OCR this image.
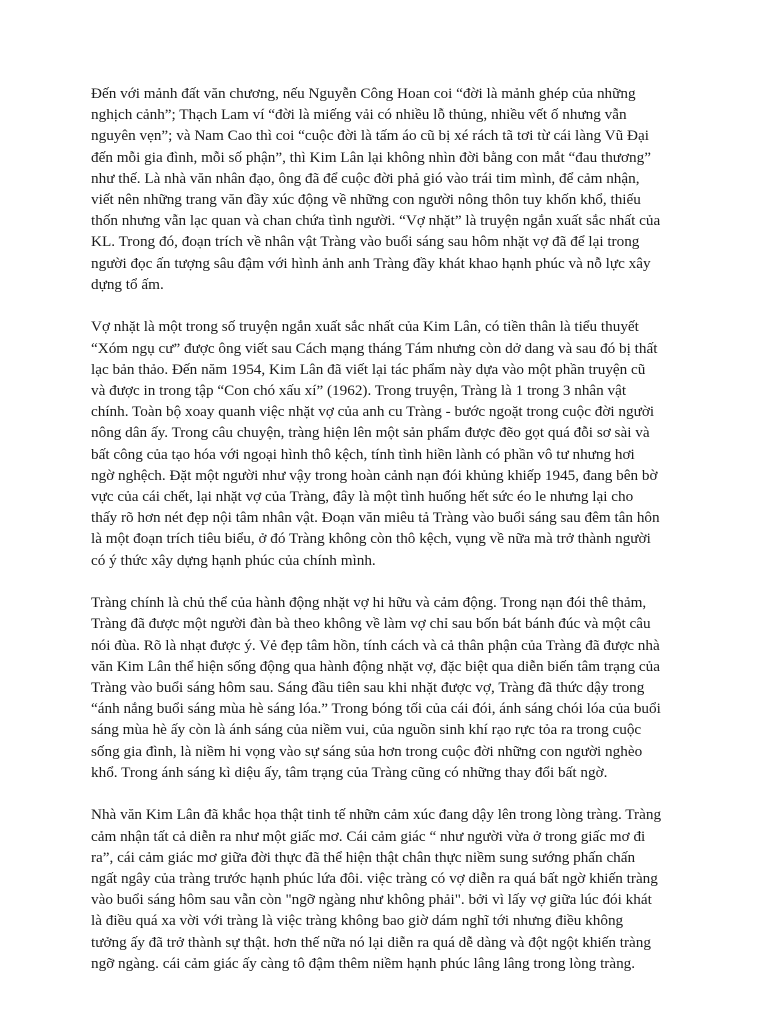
Đến với mảnh đất văn chương, nếu Nguyễn Công Hoan coi “đời là mảnh ghép của những
nghịch cảnh”; Thạch Lam ví “đời là miếng vải có nhiều lỗ thủng, nhiều vết ố nhưng vẫn
nguyên vẹn”; và Nam Cao thì coi “cuộc đời là tấm áo cũ bị xé rách tã tơi từ cái làng Vũ Đại
đến mỗi gia đình, mỗi số phận”, thì Kim Lân lại không nhìn đời bằng con mắt “đau thương”
như thế. Là nhà văn nhân đạo, ông đã để cuộc đời phả gió vào trái tim mình, để cảm nhận,
viết nên những trang văn đầy xúc động về những con người nông thôn tuy khốn khổ, thiếu
thốn nhưng vẫn lạc quan và chan chứa tình người. “Vợ nhặt” là truyện ngắn xuất sắc nhất của
KL. Trong đó, đoạn trích về nhân vật Tràng vào buổi sáng sau hôm nhặt vợ đã để lại trong
người đọc ấn tượng sâu đậm với hình ảnh anh Tràng đầy khát khao hạnh phúc và nỗ lực xây
dựng tổ ấm.
Vợ nhặt là một trong số truyện ngắn xuất sắc nhất của Kim Lân, có tiền thân là tiểu thuyết
“Xóm ngụ cư” được ông viết sau Cách mạng tháng Tám nhưng còn dở dang và sau đó bị thất
lạc bản thảo. Đến năm 1954, Kim Lân đã viết lại tác phẩm này dựa vào một phần truyện cũ
và được in trong tập “Con chó xấu xí” (1962). Trong truyện, Tràng là 1 trong 3 nhân vật
chính. Toàn bộ xoay quanh việc nhặt vợ của anh cu Tràng - bước ngoặt trong cuộc đời người
nông dân ấy. Trong câu chuyện, tràng hiện lên một sản phẩm được đẽo gọt quá đỗi sơ sài và
bất công của tạo hóa với ngoại hình thô kệch, tính tình hiền lành có phần vô tư nhưng hơi
ngờ nghệch. Đặt một người như vậy trong hoàn cảnh nạn đói khủng khiếp 1945, đang bên bờ
vực của cái chết, lại nhặt vợ của Tràng, đây là một tình huống hết sức éo le nhưng lại cho
thấy rõ hơn nét đẹp nội tâm nhân vật. Đoạn văn miêu tả Tràng vào buổi sáng sau đêm tân hôn
là một đoạn trích tiêu biểu, ở đó Tràng không còn thô kệch, vụng về nữa mà trở thành người
có ý thức xây dựng hạnh phúc của chính mình.
Tràng chính là chủ thể của hành động nhặt vợ hi hữu và cảm động. Trong nạn đói thê thảm,
Tràng đã được một người đàn bà theo không về làm vợ chỉ sau bốn bát bánh đúc và một câu
nói đùa. Rõ là nhạt được ý. Vẻ đẹp tâm hồn, tính cách và cả thân phận của Tràng đã được nhà
văn Kim Lân thể hiện sống động qua hành động nhặt vợ, đặc biệt qua diễn biến tâm trạng của
Tràng vào buổi sáng hôm sau. Sáng đầu tiên sau khi nhặt được vợ, Tràng đã thức dậy trong
“ánh nắng buổi sáng mùa hè sáng lóa.” Trong bóng tối của cái đói, ánh sáng chói lóa của buổi
sáng mùa hè ấy còn là ánh sáng của niềm vui, của nguồn sinh khí rạo rực tỏa ra trong cuộc
sống gia đình, là niềm hi vọng vào sự sáng sủa hơn trong cuộc đời những con người nghèo
khổ. Trong ánh sáng kì diệu ấy, tâm trạng của Tràng cũng có những thay đổi bất ngờ.
Nhà văn Kim Lân đã khắc họa thật tinh tế nhữn cảm xúc đang dậy lên trong lòng tràng. Tràng
cảm nhận tất cả diễn ra như một giấc mơ. Cái cảm giác “ như người vừa ở trong giấc mơ đi
ra”, cái cảm giác mơ giữa đời thực đã thể hiện thật chân thực niềm sung sướng phấn chấn
ngất ngây của tràng trước hạnh phúc lứa đôi. việc tràng có vợ diễn ra quá bất ngờ khiến tràng
vào buổi sáng hôm sau vẫn còn "ngỡ ngàng như không phải". bởi vì lấy vợ giữa lúc đói khát
là điều quá xa vời với tràng là việc tràng không bao giờ dám nghĩ tới nhưng điều không
tưởng ấy đã trở thành sự thật. hơn thế nữa nó lại diễn ra quá dễ dàng và đột ngột khiến tràng
ngỡ ngàng. cái cảm giác ấy càng tô đậm thêm niềm hạnh phúc lâng lâng trong lòng tràng.
